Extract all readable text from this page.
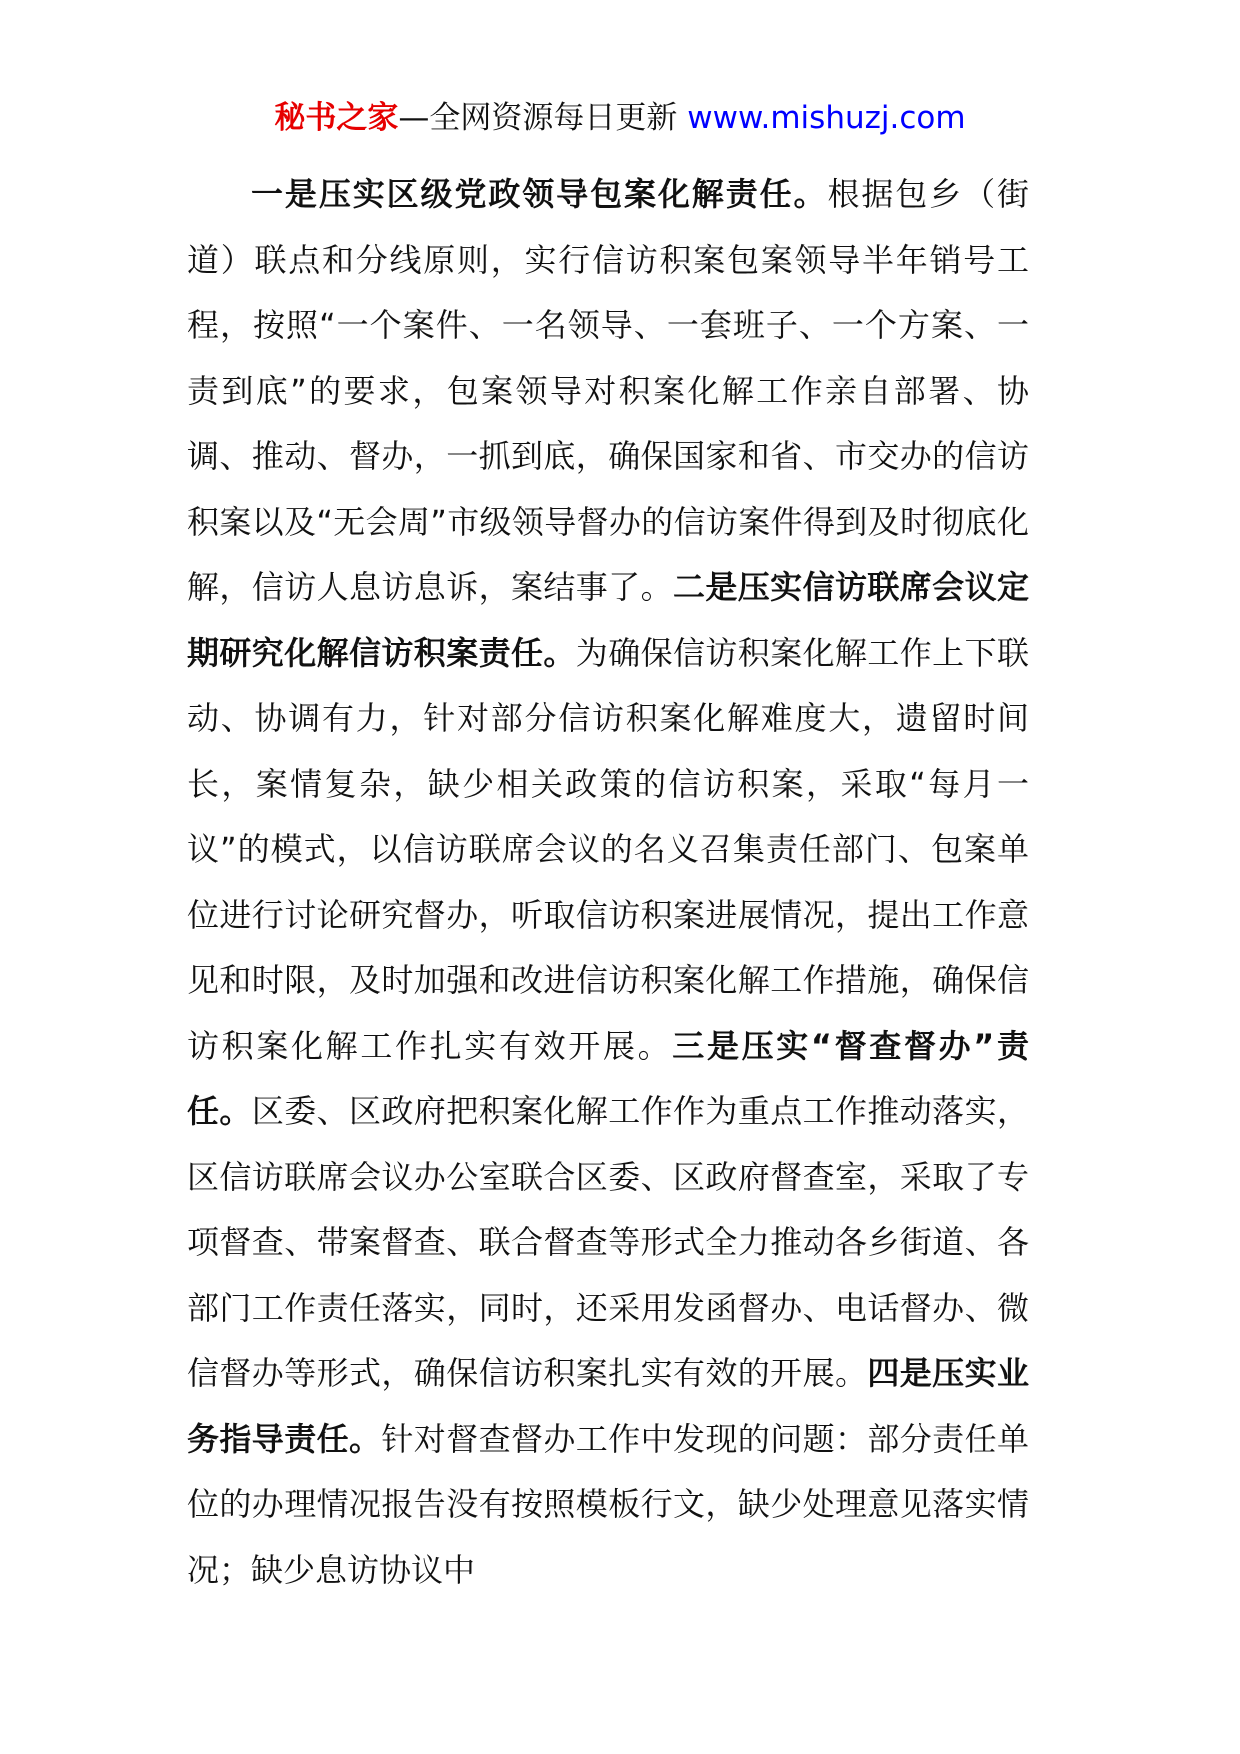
秘书之家—全网资源每日更新 www.mishuzj.com

一是压实区级党政领导包案化解责任。根据包乡（街道）联点和分线原则，实行信访积案包案领导半年销号工程，按照“一个案件、一名领导、一套班子、一个方案、一责到底”的要求，包案领导对积案化解工作亲自部署、协调、推动、督办，一抓到底，确保国家和省、市交办的信访积案以及“无会周”市级领导督办的信访案件得到及时彻底化解，信访人息访息诉，案结事了。二是压实信访联席会议定期研究化解信访积案责任。为确保信访积案化解工作上下联动、协调有力，针对部分信访积案化解难度大，遗留时间长，案情复杂，缺少相关政策的信访积案，采取“每月一议”的模式，以信访联席会议的名义召集责任部门、包案单位进行讨论研究督办，听取信访积案进展情况，提出工作意见和时限，及时加强和改进信访积案化解工作措施，确保信访积案化解工作扎实有效开展。三是压实“督查督办”责任。区委、区政府把积案化解工作作为重点工作推动落实，区信访联席会议办公室联合区委、区政府督查室，采取了专项督查、带案督查、联合督查等形式全力推动各乡街道、各部门工作责任落实，同时，还采用发函督办、电话督办、微信督办等形式，确保信访积案扎实有效的开展。四是压实业务指导责任。针对督查督办工作中发现的问题：部分责任单位的办理情况报告没有按照模板行文，缺少处理意见落实情况；缺少息访协议中
